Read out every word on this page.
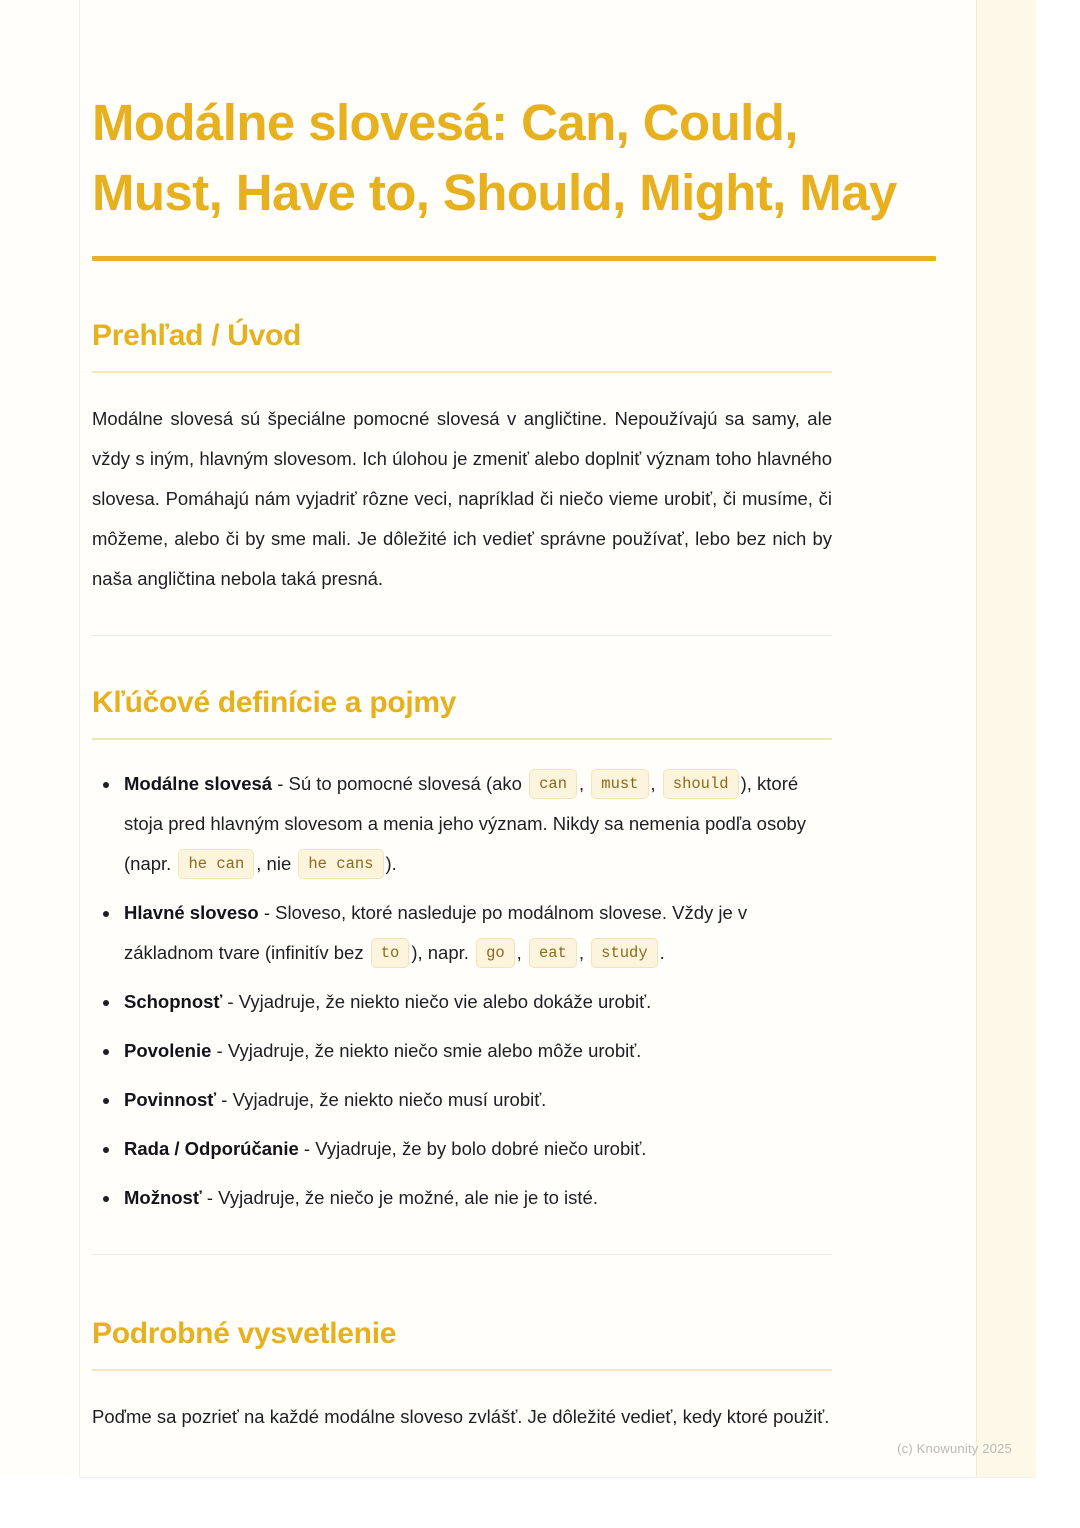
Modálne slovesá: Can, Could, Must, Have to, Should, Might, May
Prehľad / Úvod

Modálne slovesá sú špeciálne pomocné slovesá v angličtine. Nepoužívajú sa samy, ale vždy s iným, hlavným slovesom. Ich úlohou je zmeniť alebo doplniť význam toho hlavného slovesa. Pomáhajú nám vyjadriť rôzne veci, napríklad či niečo vieme urobiť, či musíme, či môžeme, alebo či by sme mali. Je dôležité ich vedieť správne používať, lebo bez nich by naša angličtina nebola taká presná.

Kľúčové definície a pojmy
Modálne slovesá - Sú to pomocné slovesá (ako can , must , should ), ktoré stoja pred hlavným slovesom a menia jeho význam. Nikdy sa nemenia podľa osoby (napr. he can , nie he cans ).
Hlavné sloveso - Sloveso, ktoré nasleduje po modálnom slovese. Vždy je v základnom tvare (infinitív bez to ), napr. go , eat , study .
Schopnosť - Vyjadruje, že niekto niečo vie alebo dokáže urobiť.
Povolenie - Vyjadruje, že niekto niečo smie alebo môže urobiť.
Povinnosť - Vyjadruje, že niekto niečo musí urobiť.
Rada / Odporúčanie - Vyjadruje, že by bolo dobré niečo urobiť.
Možnosť - Vyjadruje, že niečo je možné, ale nie je to isté.
Podrobné vysvetlenie

Poďme sa pozrieť na každé modálne sloveso zvlášť. Je dôležité vedieť, kedy ktoré použiť.

(c) Knowunity 2025
